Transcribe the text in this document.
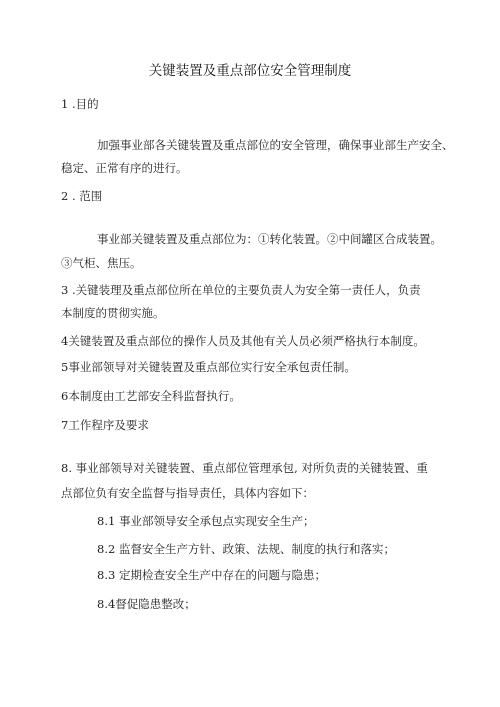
关键装置及重点部位安全管理制度
1 .目的
加强事业部各关键装置及重点部位的安全管理，确保事业部生产安全、
稳定、正常有序的进行。
2 . 范围
事业部关键装置及重点部位为：①转化装置。②中间罐区合成装置。
③气柜、焦压。
3 .关键装理及重点部位所在单位的主要负责人为安全第一责任人，负责
本制度的贯彻实施。
4关键装置及重点部位的操作人员及其他有关人员必须严格执行本制度。
5事业部领导对关键装置及重点部位实行安全承包责任制。
6本制度由工艺部安全科监督执行。
7工作程序及要求
8. 事业部领导对关键装置、重点部位管理承包, 对所负责的关键装置、重
点部位负有安全监督与指导责任，具体内容如下：
8.1 事业部领导安全承包点实现安全生产；
8.2 监督安全生产方针、政策、法规、制度的执行和落实；
8.3 定期检查安全生产中存在的问题与隐患；
8.4督促隐患整改；
